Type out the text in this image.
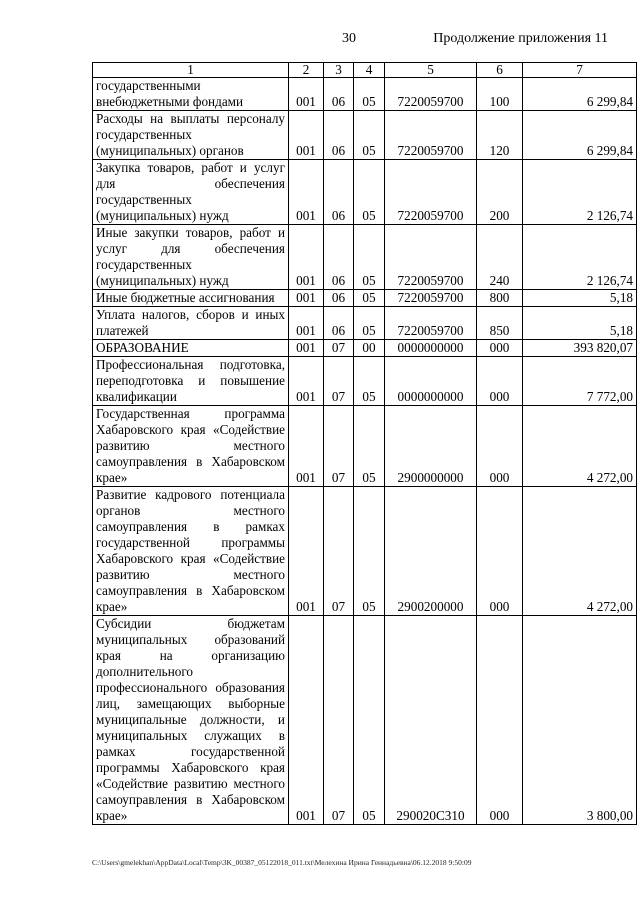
30	Продолжение приложения 11
1	2	3	4	5	6	7
государственными внебюджетными фондами	001	06	05	7220059700	100	6 299,84
Расходы на выплаты персоналу государственных (муниципальных) органов	001	06	05	7220059700	120	6 299,84
Закупка товаров, работ и услуг для обеспечения государственных (муниципальных) нужд	001	06	05	7220059700	200	2 126,74
Иные закупки товаров, работ и услуг для обеспечения государственных (муниципальных) нужд	001	06	05	7220059700	240	2 126,74
Иные бюджетные ассигнования	001	06	05	7220059700	800	5,18
Уплата налогов, сборов и иных платежей	001	06	05	7220059700	850	5,18
ОБРАЗОВАНИЕ	001	07	00	0000000000	000	393 820,07
Профессиональная подготовка, переподготовка и повышение квалификации	001	07	05	0000000000	000	7 772,00
Государственная программа Хабаровского края «Содействие развитию местного самоуправления в Хабаровском крае»	001	07	05	2900000000	000	4 272,00
Развитие кадрового потенциала органов местного самоуправления в рамках государственной программы Хабаровского края «Содействие развитию местного самоуправления в Хабаровском крае»	001	07	05	2900200000	000	4 272,00
Субсидии бюджетам муниципальных образований края на организацию дополнительного профессионального образования лиц, замещающих выборные муниципальные должности, и муниципальных служащих в рамках государственной программы Хабаровского края «Содействие развитию местного самоуправления в Хабаровском крае»	001	07	05	290020С310	000	3 800,00
C:\Users\gmelekhan\AppData\Local\Temp\3K_00387_05122018_011.txt\Мелехина Ирина Геннадьевна\06.12.2018 9:50:09
